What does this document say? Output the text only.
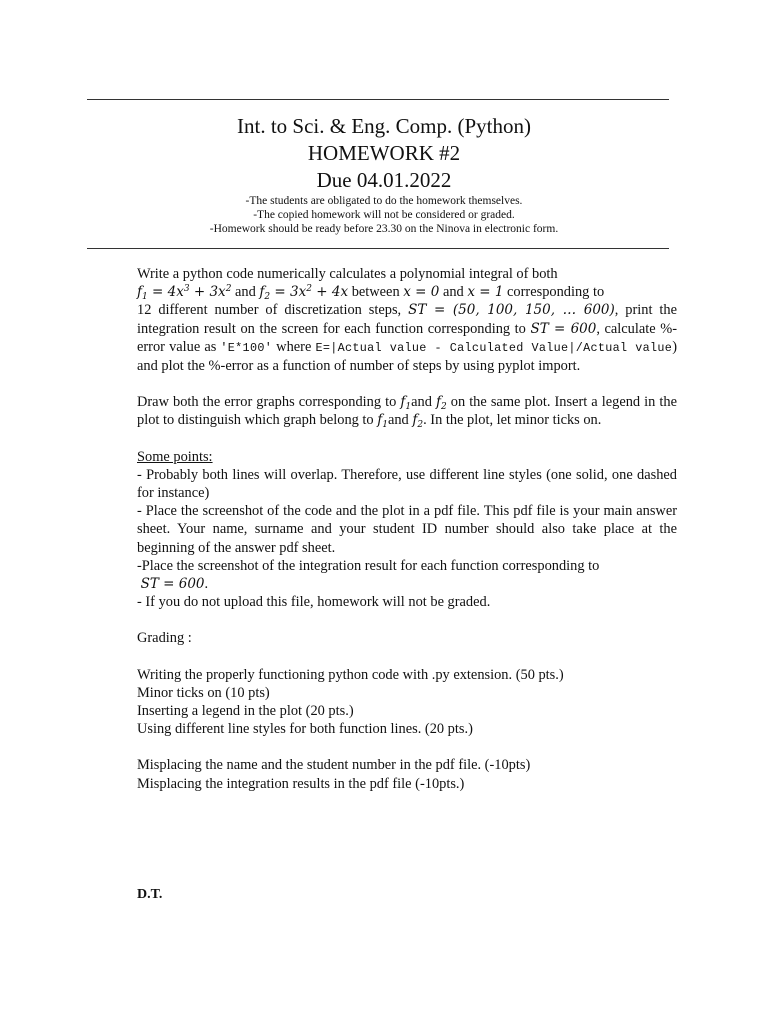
Int. to Sci. & Eng. Comp. (Python)
HOMEWORK #2
Due 04.01.2022
-The students are obligated to do the homework themselves.
-The copied homework will not be considered or graded.
-Homework should be ready before 23.30 on the Ninova in electronic form.

Write a python code numerically calculates a polynomial integral of both
$f_1 = 4x^3 + 3x^2$ and $f_2 = 3x^2 + 4x$ between x = 0 and x = 1 corresponding to
12 different number of discretization steps, ST = (50, 100, 150, … 600), print the integration result on the screen for each function corresponding to ST = 600, calculate %-error value as 'E*100' where E=|Actual value - Calculated Value|/Actual value) and plot the %-error as a function of number of steps by using pyplot import.

Draw both the error graphs corresponding to $f_1and$ $f_2$ on the same plot. Insert a legend in the plot to distinguish which graph belong to $f_1and$ $f_2$. In the plot, let minor ticks on.

Some points:
- Probably both lines will overlap. Therefore, use different line styles (one solid, one dashed for instance)
- Place the screenshot of the code and the plot in a pdf file. This pdf file is your main answer sheet. Your name, surname and your student ID number should also take place at the beginning of the answer pdf sheet.
-Place the screenshot of the integration result for each function corresponding to
ST = 600.
- If you do not upload this file, homework will not be graded.

Grading :

Writing the properly functioning python code with .py extension. (50 pts.)
Minor ticks on (10 pts)
Inserting a legend in the plot (20 pts.)
Using different line styles for both function lines. (20 pts.)

Misplacing the name and the student number in the pdf file. (-10pts)
Misplacing the integration results in the pdf file (-10pts.)

D.T.
